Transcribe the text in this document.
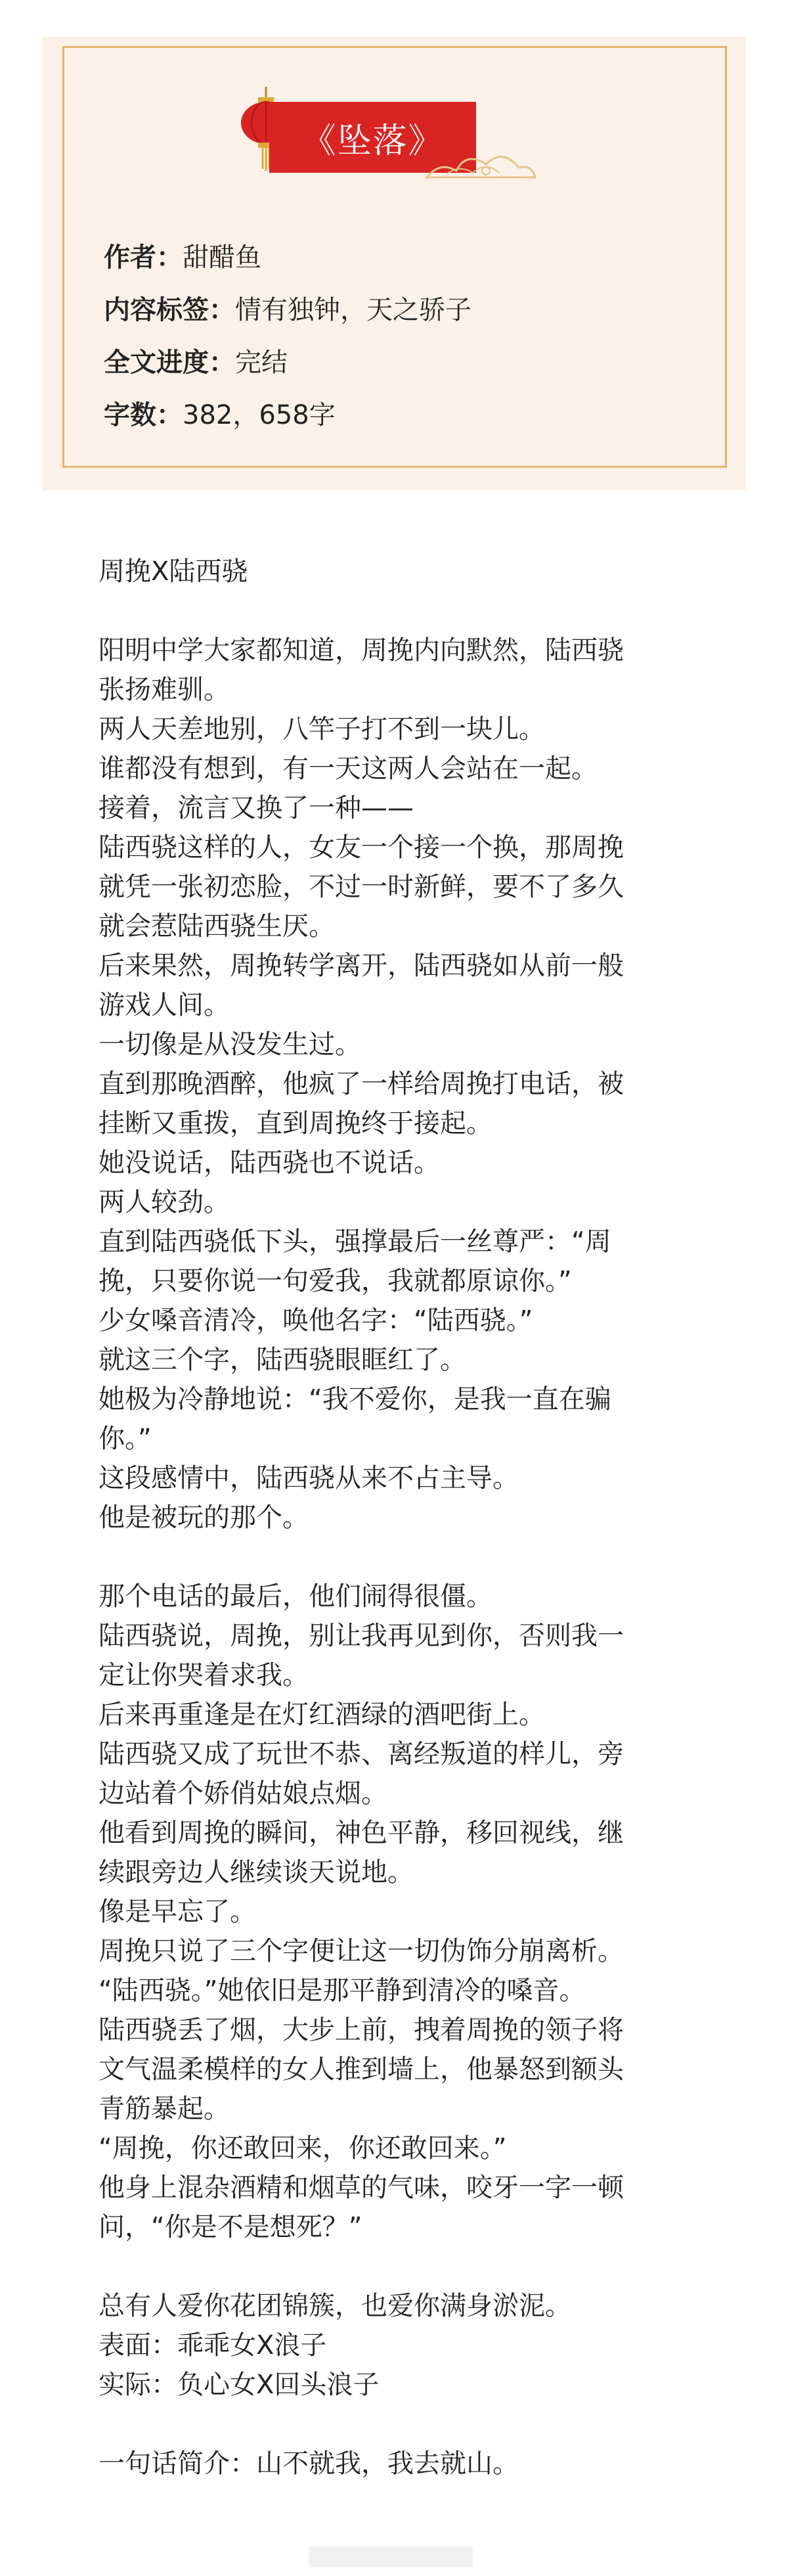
《坠落》
作者：甜醋鱼
内容标签：情有独钟，天之骄子
全文进度：完结
字数：382，658字
周挽X陆西骁
阳明中学大家都知道，周挽内向默然，陆西骁
张扬难驯。
两人天差地别，八竿子打不到一块儿。
谁都没有想到，有一天这两人会站在一起。
接着，流言又换了一种——
陆西骁这样的人，女友一个接一个换，那周挽
就凭一张初恋脸，不过一时新鲜，要不了多久
就会惹陆西骁生厌。
后来果然，周挽转学离开，陆西骁如从前一般
游戏人间。
一切像是从没发生过。
直到那晚酒醉，他疯了一样给周挽打电话，被
挂断又重拨，直到周挽终于接起。
她没说话，陆西骁也不说话。
两人较劲。
直到陆西骁低下头，强撑最后一丝尊严：“周
挽，只要你说一句爱我，我就都原谅你。”
少女嗓音清冷，唤他名字：“陆西骁。”
就这三个字，陆西骁眼眶红了。
她极为冷静地说：“我不爱你，是我一直在骗
你。”
这段感情中，陆西骁从来不占主导。
他是被玩的那个。
那个电话的最后，他们闹得很僵。
陆西骁说，周挽，别让我再见到你，否则我一
定让你哭着求我。
后来再重逢是在灯红酒绿的酒吧街上。
陆西骁又成了玩世不恭、离经叛道的样儿，旁
边站着个娇俏姑娘点烟。
他看到周挽的瞬间，神色平静，移回视线，继
续跟旁边人继续谈天说地。
像是早忘了。
周挽只说了三个字便让这一切伪饰分崩离析。
“陆西骁。”她依旧是那平静到清冷的嗓音。
陆西骁丢了烟，大步上前，拽着周挽的领子将
文气温柔模样的女人推到墙上，他暴怒到额头
青筋暴起。
“周挽，你还敢回来，你还敢回来。”
他身上混杂酒精和烟草的气味，咬牙一字一顿
问，“你是不是想死？”
总有人爱你花团锦簇，也爱你满身淤泥。
表面：乖乖女X浪子
实际：负心女X回头浪子
一句话简介：山不就我，我去就山。
